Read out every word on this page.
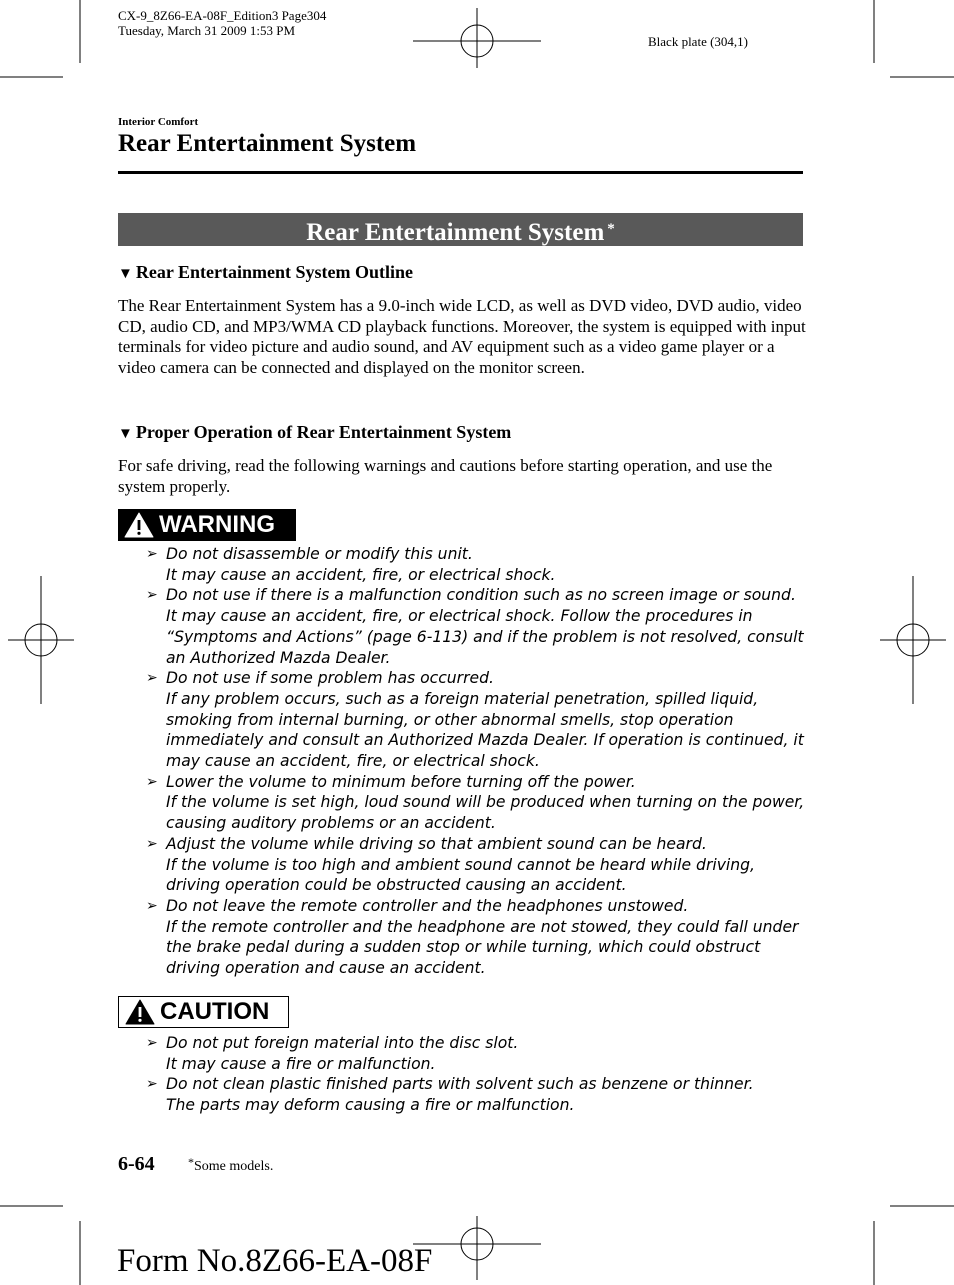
CX-9_8Z66-EA-08F_Edition3 Page304
Tuesday, March 31 2009 1:53 PM
Black plate (304,1)
Interior Comfort
Rear Entertainment System
Rear Entertainment System *
▼ Rear Entertainment System Outline
The Rear Entertainment System has a 9.0-inch wide LCD, as well as DVD video, DVD audio, video CD, audio CD, and MP3/WMA CD playback functions. Moreover, the system is equipped with input terminals for video picture and audio sound, and AV equipment such as a video game player or a video camera can be connected and displayed on the monitor screen.
▼ Proper Operation of Rear Entertainment System
For safe driving, read the following warnings and cautions before starting operation, and use the system properly.
WARNING
➢ Do not disassemble or modify this unit.
It may cause an accident, fire, or electrical shock.
➢ Do not use if there is a malfunction condition such as no screen image or sound.
It may cause an accident, fire, or electrical shock. Follow the procedures in “Symptoms and Actions” (page 6-113) and if the problem is not resolved, consult an Authorized Mazda Dealer.
➢ Do not use if some problem has occurred.
If any problem occurs, such as a foreign material penetration, spilled liquid, smoking from internal burning, or other abnormal smells, stop operation immediately and consult an Authorized Mazda Dealer. If operation is continued, it may cause an accident, fire, or electrical shock.
➢ Lower the volume to minimum before turning off the power.
If the volume is set high, loud sound will be produced when turning on the power, causing auditory problems or an accident.
➢ Adjust the volume while driving so that ambient sound can be heard.
If the volume is too high and ambient sound cannot be heard while driving, driving operation could be obstructed causing an accident.
➢ Do not leave the remote controller and the headphones unstowed.
If the remote controller and the headphone are not stowed, they could fall under the brake pedal during a sudden stop or while turning, which could obstruct driving operation and cause an accident.
CAUTION
➢ Do not put foreign material into the disc slot.
It may cause a fire or malfunction.
➢ Do not clean plastic finished parts with solvent such as benzene or thinner.
The parts may deform causing a fire or malfunction.
6-64	*Some models.
Form No.8Z66-EA-08F
